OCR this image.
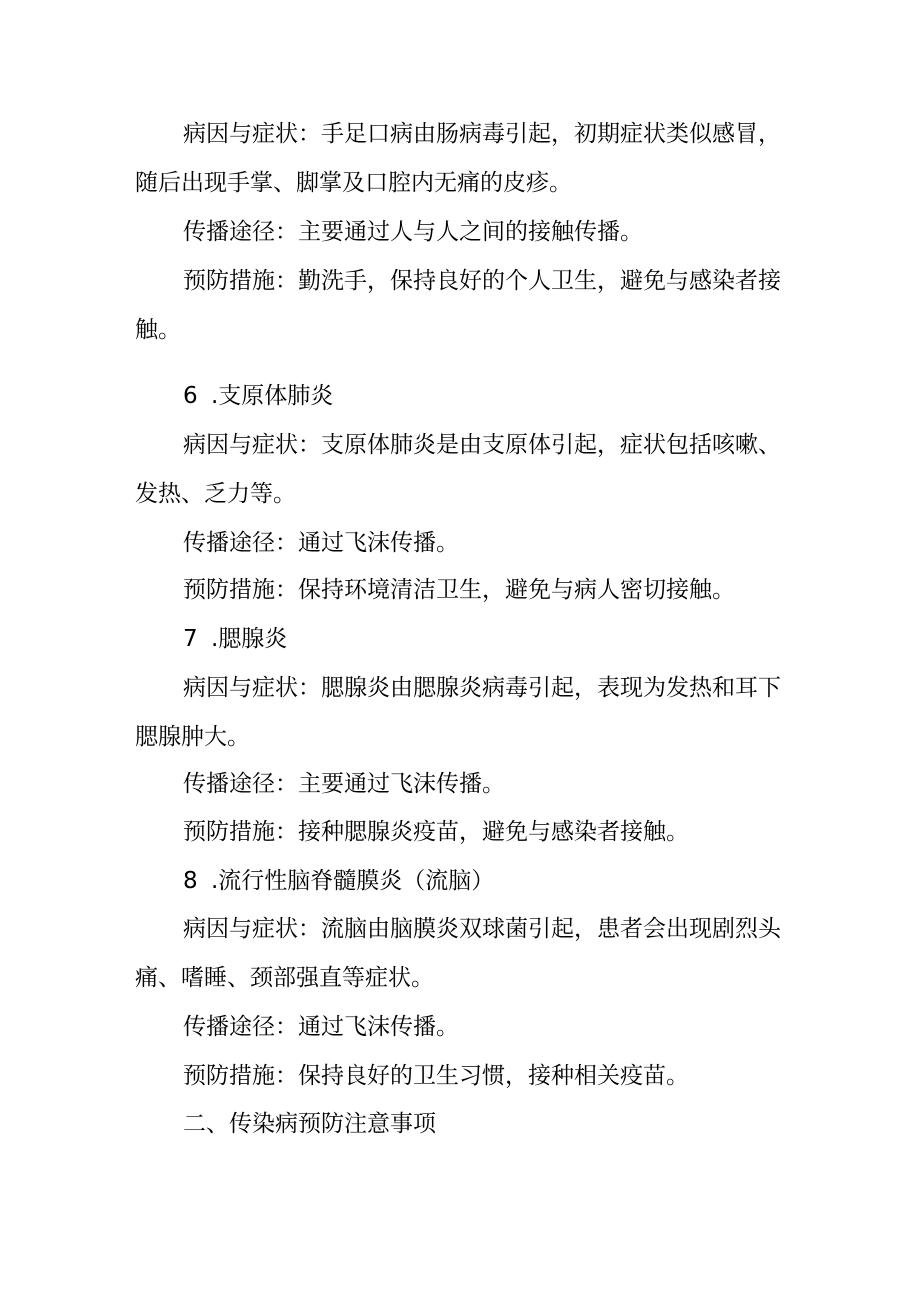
病因与症状：手足口病由肠病毒引起，初期症状类似感冒，随后出现手掌、脚掌及口腔内无痛的皮疹。

传播途径：主要通过人与人之间的接触传播。

预防措施：勤洗手，保持良好的个人卫生，避免与感染者接触。

6 .支原体肺炎

病因与症状：支原体肺炎是由支原体引起，症状包括咳嗽、发热、乏力等。

传播途径：通过飞沫传播。

预防措施：保持环境清洁卫生，避免与病人密切接触。

7 .腮腺炎

病因与症状：腮腺炎由腮腺炎病毒引起，表现为发热和耳下腮腺肿大。

传播途径：主要通过飞沫传播。

预防措施：接种腮腺炎疫苗，避免与感染者接触。

8 .流行性脑脊髓膜炎（流脑）

病因与症状：流脑由脑膜炎双球菌引起，患者会出现剧烈头痛、嗜睡、颈部强直等症状。

传播途径：通过飞沫传播。

预防措施：保持良好的卫生习惯，接种相关疫苗。

二、传染病预防注意事项
